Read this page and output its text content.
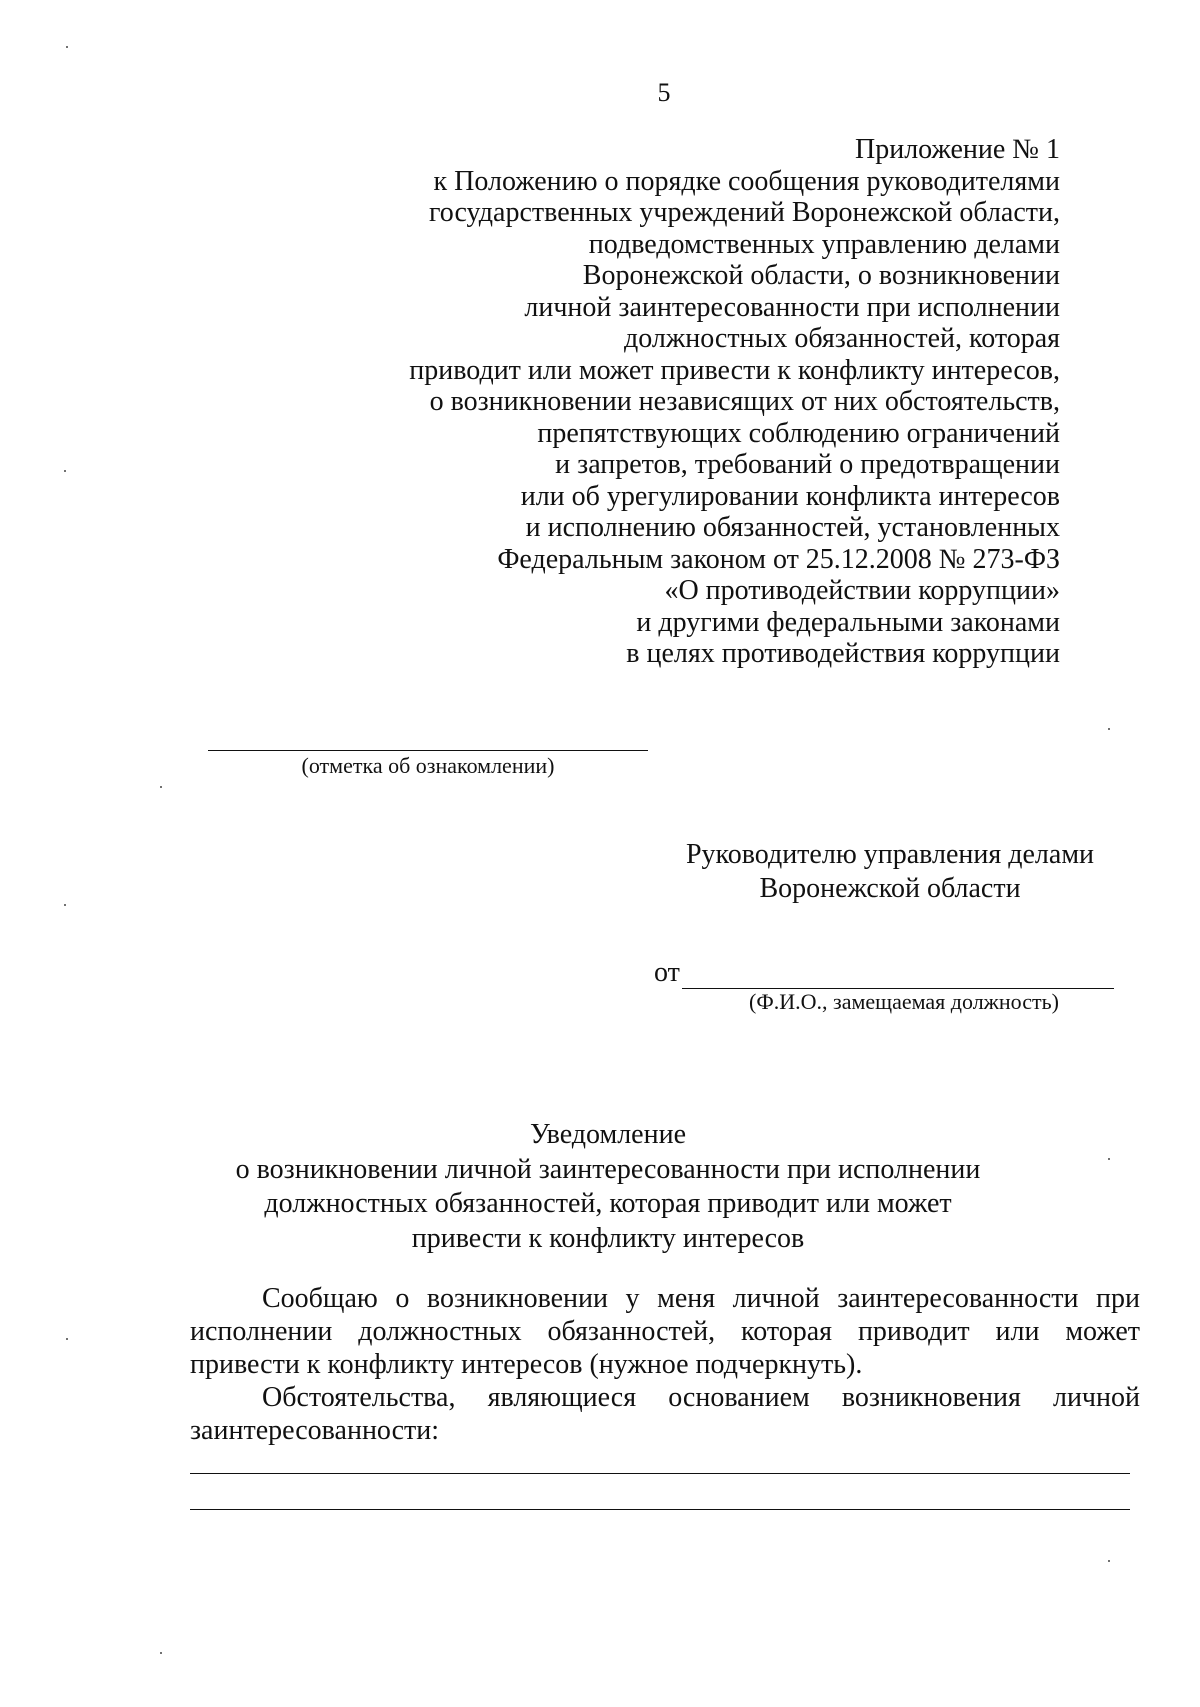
5
Приложение № 1
к Положению о порядке сообщения руководителями
государственных учреждений Воронежской области,
подведомственных управлению делами
Воронежской области, о возникновении
личной заинтересованности при исполнении
должностных обязанностей, которая
приводит или может привести к конфликту интересов,
о возникновении независящих от них обстоятельств,
препятствующих соблюдению ограничений
и запретов, требований о предотвращении
или об урегулировании конфликта интересов
и исполнению обязанностей, установленных
Федеральным законом от 25.12.2008 № 273-ФЗ
«О противодействии коррупции»
и другими федеральными законами
в целях противодействия коррупции
(отметка об ознакомлении)
Руководителю управления делами
Воронежской области
от
(Ф.И.О., замещаемая должность)
Уведомление
о возникновении личной заинтересованности при исполнении
должностных обязанностей, которая приводит или может
привести к конфликту интересов

Сообщаю о возникновении у меня личной заинтересованности при исполнении должностных обязанностей, которая приводит или может привести к конфликту интересов (нужное подчеркнуть).

Обстоятельства, являющиеся основанием возникновения личной заинтересованности:
